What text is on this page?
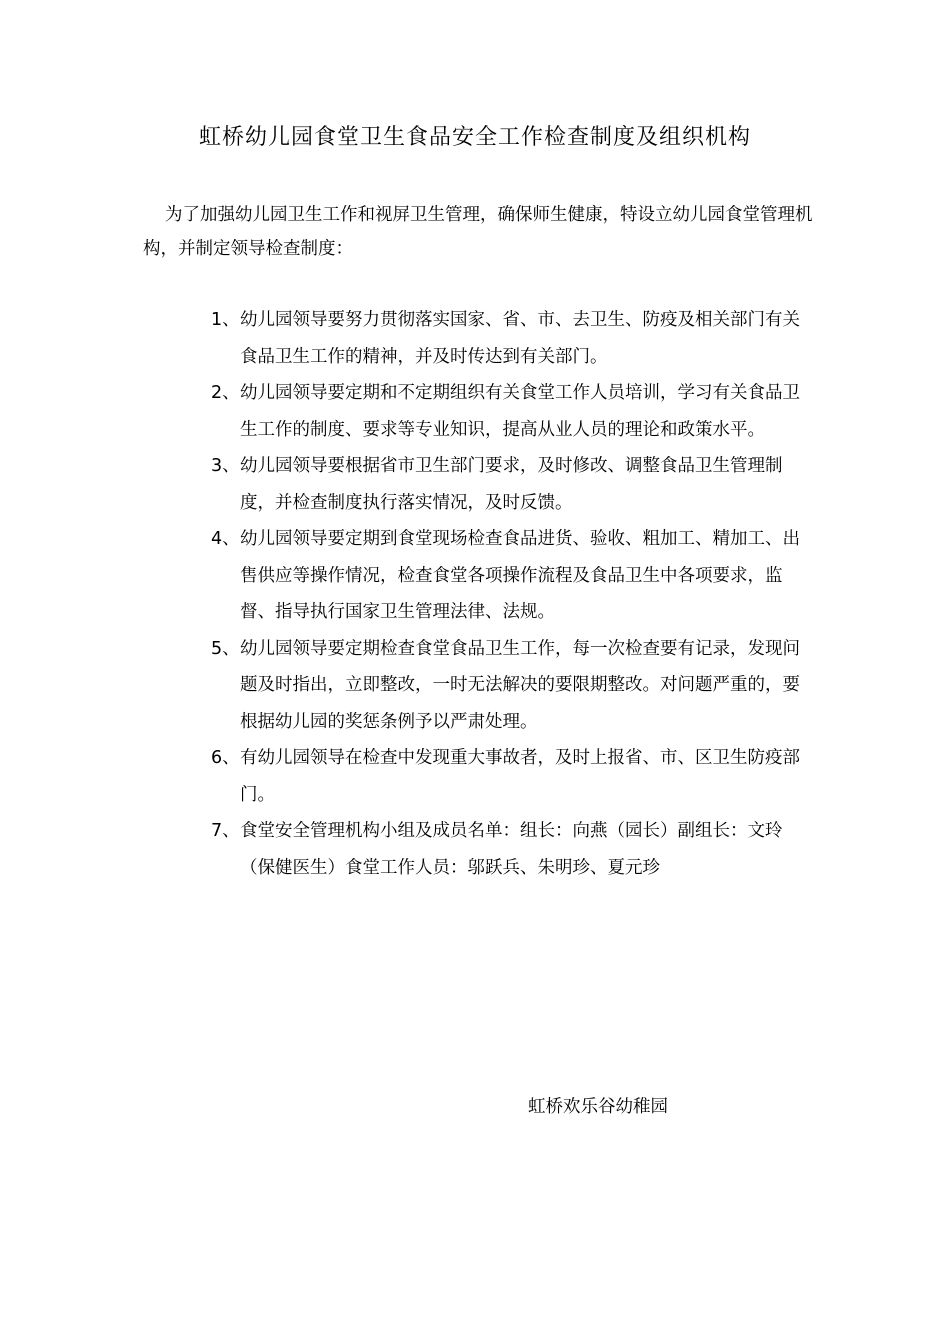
虹桥幼儿园食堂卫生食品安全工作检查制度及组织机构
为了加强幼儿园卫生工作和视屏卫生管理，确保师生健康，特设立幼儿园食堂管理机构，并制定领导检查制度：
1、 幼儿园领导要努力贯彻落实国家、省、市、去卫生、防疫及相关部门有关食品卫生工作的精神，并及时传达到有关部门。
2、 幼儿园领导要定期和不定期组织有关食堂工作人员培训，学习有关食品卫生工作的制度、要求等专业知识，提高从业人员的理论和政策水平。
3、 幼儿园领导要根据省市卫生部门要求，及时修改、调整食品卫生管理制度，并检查制度执行落实情况，及时反馈。
4、 幼儿园领导要定期到食堂现场检查食品进货、验收、粗加工、精加工、出售供应等操作情况，检查食堂各项操作流程及食品卫生中各项要求，监督、指导执行国家卫生管理法律、法规。
5、 幼儿园领导要定期检查食堂食品卫生工作，每一次检查要有记录，发现问题及时指出，立即整改，一时无法解决的要限期整改。对问题严重的，要根据幼儿园的奖惩条例予以严肃处理。
6、 有幼儿园领导在检查中发现重大事故者，及时上报省、市、区卫生防疫部门。
7、 食堂安全管理机构小组及成员名单：组长：向燕（园长）副组长：文玲（保健医生）食堂工作人员：邬跃兵、朱明珍、夏元珍
虹桥欢乐谷幼稚园
